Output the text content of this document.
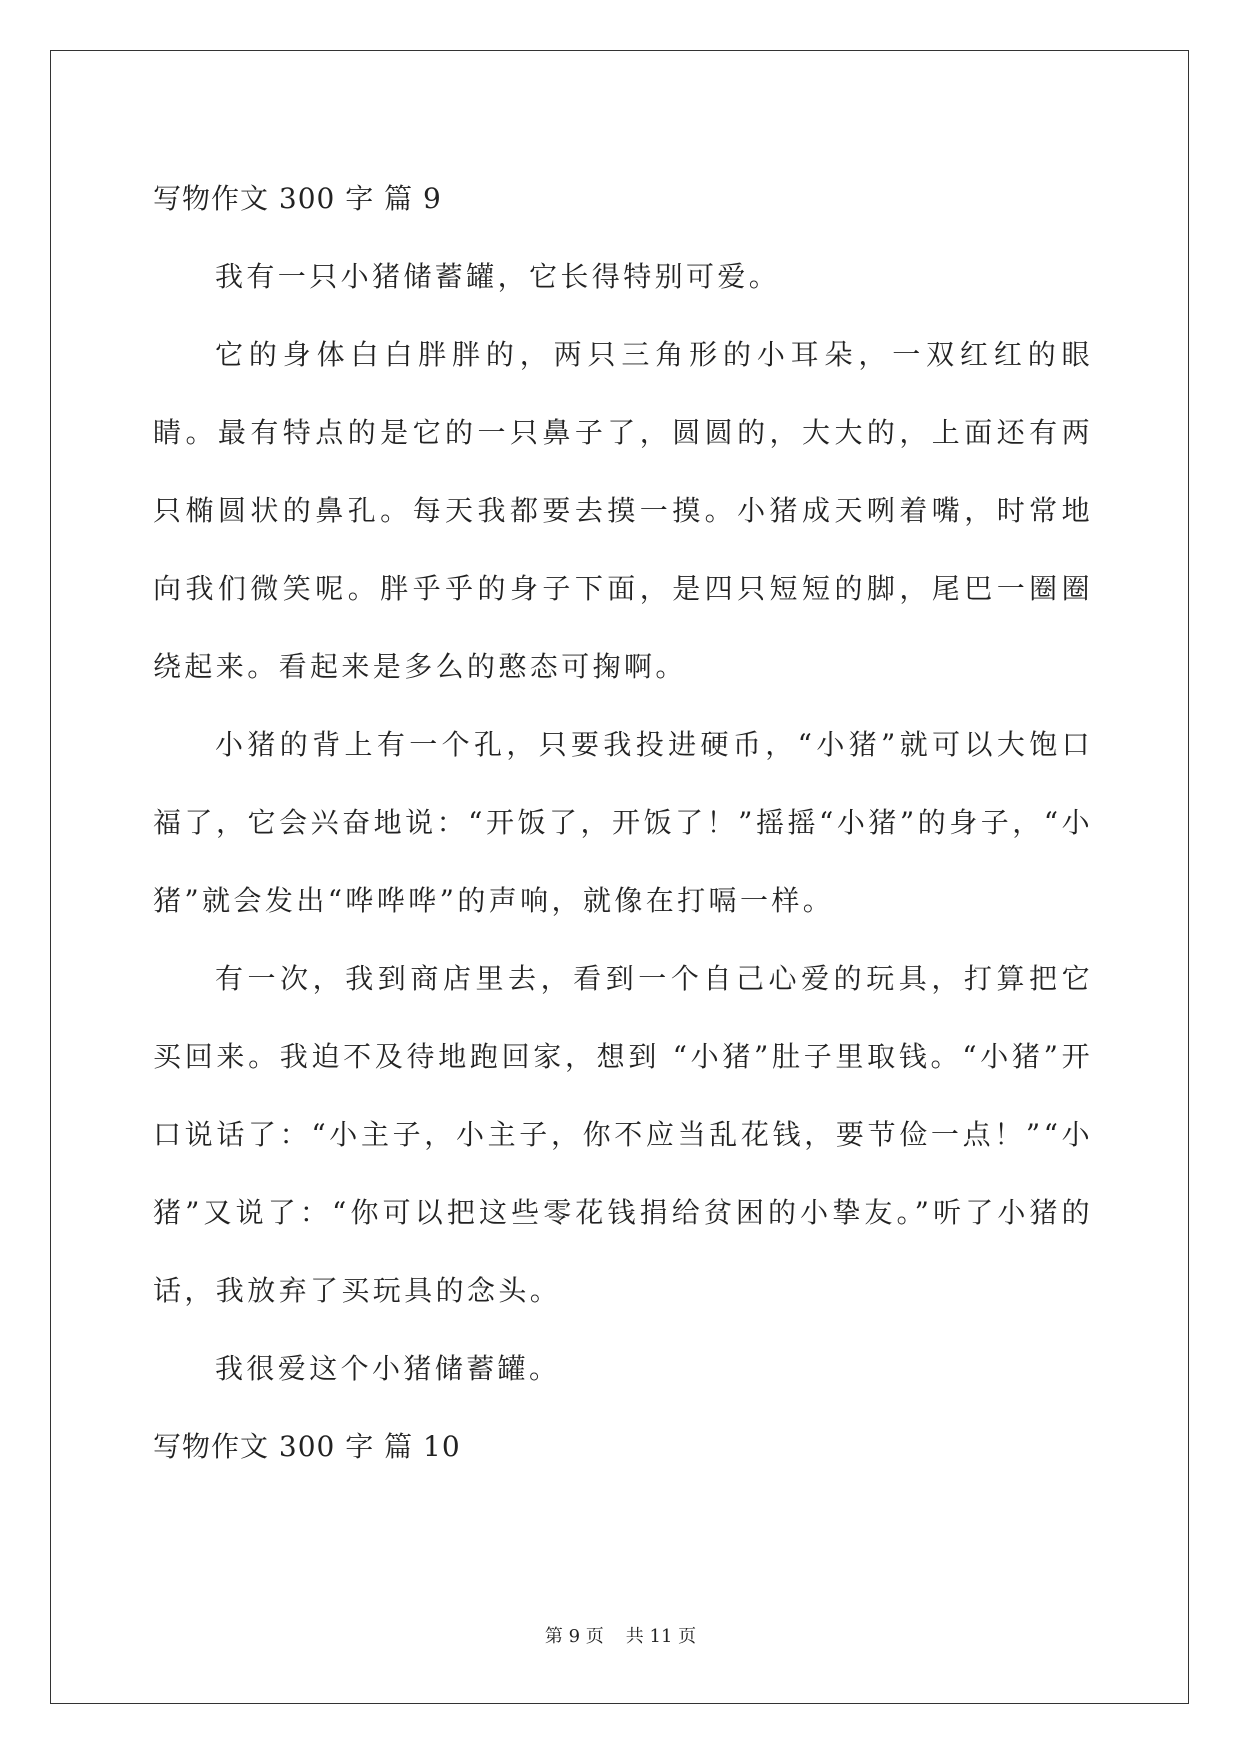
写物作文 300 字 篇 9

我有一只小猪储蓄罐，它长得特别可爱。

它的身体白白胖胖的，两只三角形的小耳朵，一双红红的眼睛。最有特点的是它的一只鼻子了，圆圆的，大大的，上面还有两只椭圆状的鼻孔。每天我都要去摸一摸。小猪成天咧着嘴，时常地向我们微笑呢。胖乎乎的身子下面，是四只短短的脚，尾巴一圈圈绕起来。看起来是多么的憨态可掬啊。

小猪的背上有一个孔，只要我投进硬币，“小猪”就可以大饱口福了，它会兴奋地说：“开饭了，开饭了！”摇摇“小猪”的身子，“小猪”就会发出“哗哗哗”的声响，就像在打嗝一样。

有一次，我到商店里去，看到一个自己心爱的玩具，打算把它买回来。我迫不及待地跑回家，想到 “小猪”肚子里取钱。“小猪”开口说话了：“小主子，小主子，你不应当乱花钱，要节俭一点！”“小猪”又说了：“你可以把这些零花钱捐给贫困的小挚友。”听了小猪的话，我放弃了买玩具的念头。

我很爱这个小猪储蓄罐。

写物作文 300 字 篇 10
第 9 页 共 11 页
